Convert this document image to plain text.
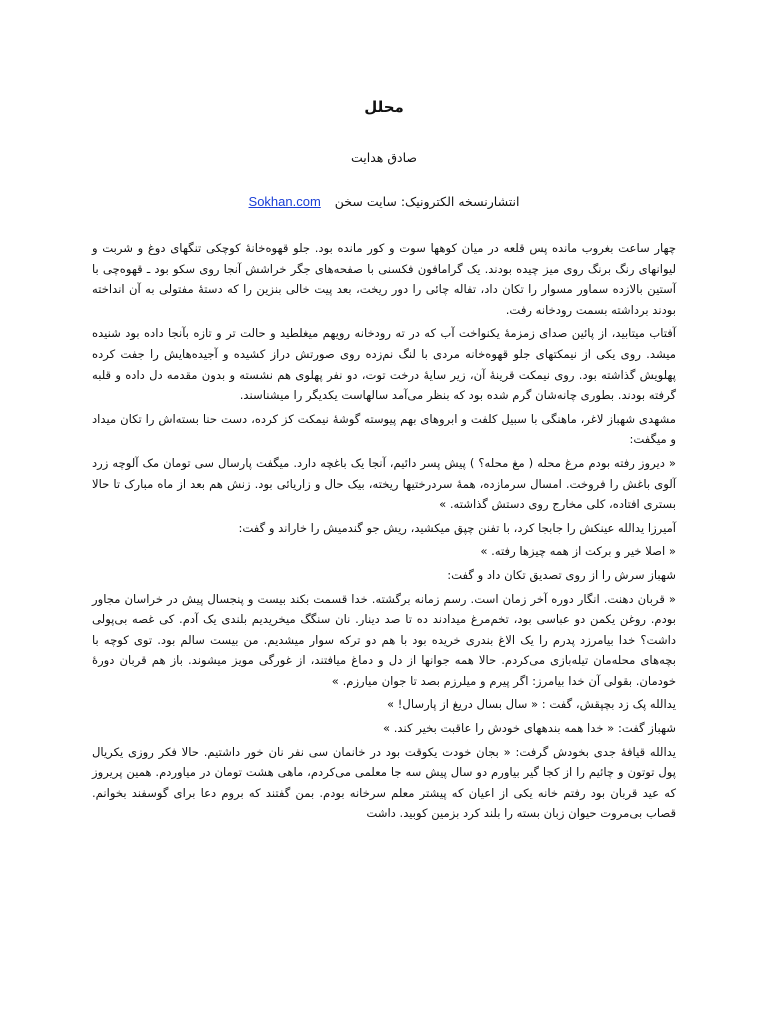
محلل
صادق هدایت
انتشارنسخه الکترونیک: سایت سخن Sokhan.com

چهار ساعت بغروب مانده پس قلعه در میان کوهها سوت و کور مانده بود. جلو قهوه‌خانهٔ کوچکی تنگهای دوغ و شربت و لیوانهای رنگ برنگ روی میز چیده بودند. یک گرامافون فکسنی با صفحه‌های جگر خراشش آنجا روی سکو بود ـ قهوه‌چی با آستین بالازده سماور مسوار را تکان داد، تفاله چائی را دور ریخت، بعد پیت خالی بنزین را که دستهٔ مفتولی به آن انداخته بودند برداشته بسمت رودخانه رفت.

آفتاب میتابید، از پائین صدای زمزمهٔ یکنواخت آب که در ته رودخانه رویهم میغلطید و حالت تر و تازه بآنجا داده بود شنیده میشد. روی یکی از نیمکتهای جلو قهوه‌خانه مردی با لنگ نم‌زده روی صورتش دراز کشیده و آجیده‌هایش را جفت کرده پهلویش گذاشته بود. روی نیمکت قرینهٔ آن، زیر سایهٔ درخت توت، دو نفر پهلوی هم نشسته و بدون مقدمه دل داده و قلبه گرفته بودند. بطوری چانه‌شان گرم شده بود که بنظر می‌آمد سالهاست یکدیگر را میشناسند.

مشهدی شهباز لاغر، ماهنگی با سبیل کلفت و ابروهای بهم پیوسته گوشهٔ نیمکت کز کرده، دست حنا بسته‌اش را تکان میداد و میگفت:

« دیروز رفته بودم مرغ محله ( مغ محله؟ ) پیش پسر دائیم، آنجا یک باغچه دارد. میگفت پارسال سی تومان مک آلوچه زرد آلوی باغش را فروخت. امسال سرمازده، همهٔ سردرختیها ریخته، بیک حال و زاریائی بود. زنش هم بعد از ماه مبارک تا حالا بستری افتاده، کلی مخارج روی دستش گذاشته. »

آمیرزا یدالله عینکش را جابجا کرد، با تفنن چپق میکشید، ریش جو گندمیش را خاراند و گفت:

« اصلا خیر و برکت از همه چیزها رفته. »

شهباز سرش را از روی تصدیق تکان داد و گفت:

« قربان دهنت. انگار دوره آخر زمان است. رسم زمانه برگشته. خدا قسمت بکند بیست و پنجسال پیش در خراسان مجاور بودم. روغن یکمن دو عباسی بود، تخم‌مرغ میدادند ده تا صد دینار. نان سنگگ میخریدیم بلندی یک آدم. کی غصه بی‌پولی داشت؟ خدا بیامرزد پدرم را یک الاغ بندری خریده بود با هم دو ترکه سوار میشدیم. من بیست سالم بود. توی کوچه با بچه‌های محله‌مان تیله‌بازی می‌کردم. حالا همه جوانها از دل و دماغ میافتند، از غورگی مویز میشوند. باز هم قربان دورهٔ خودمان. بقولی آن خدا بیامرز: اگر پیرم و میلرزم بصد تا جوان میارزم. »

یدالله پک زد بچپقش، گفت : « سال بسال دریغ از پارسال! »

شهباز گفت: « خدا همه بندههای خودش را عاقبت بخیر کند. »

یدالله قیافهٔ جدی بخودش گرفت: « بجان خودت یکوقت بود در خانمان سی نفر نان خور داشتیم. حالا فکر روزی یکریال پول توتون و چائیم را از کجا گیر بیاورم دو سال پیش سه جا معلمی می‌کردم، ماهی هشت تومان در میاوردم. همین پریروز که عید قربان بود رفتم خانه یکی از اعیان که پیشتر معلم سرخانه بودم. بمن گفتند که بروم دعا برای گوسفند بخوانم. قصاب بی‌مروت حیوان زبان بسته را بلند کرد بزمین کوبید. داشت
